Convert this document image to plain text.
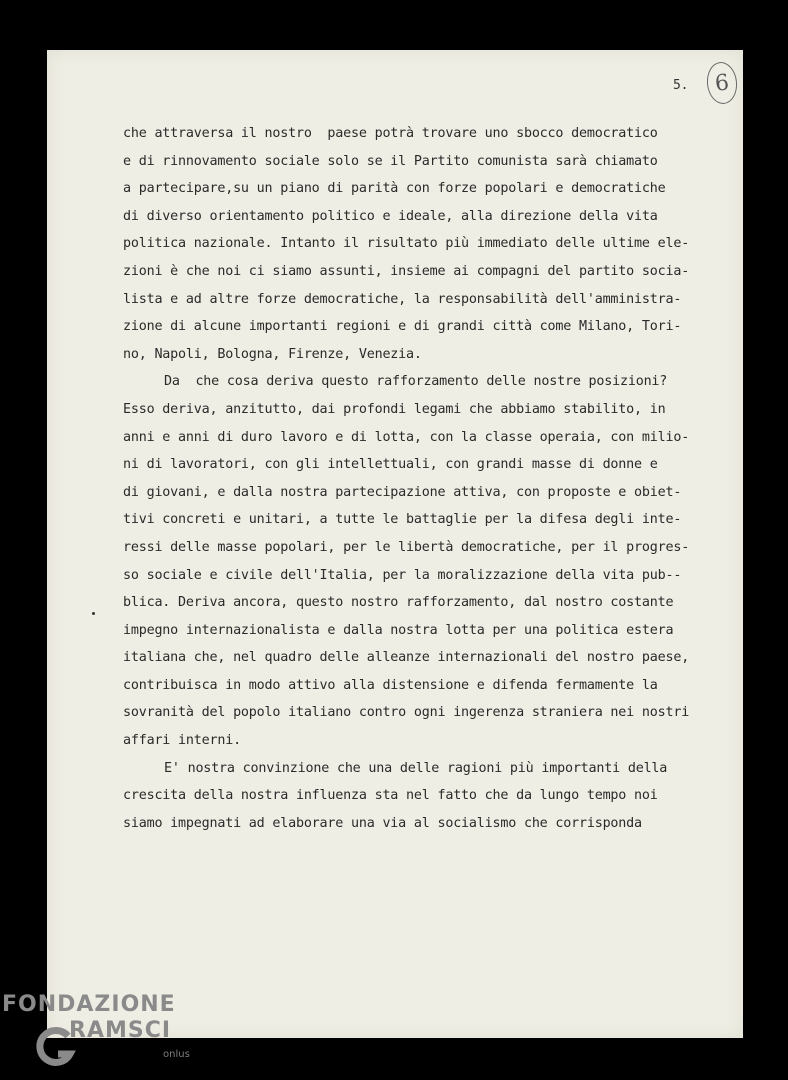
5.	6
che attraversa il nostro  paese potrà trovare uno sbocco democratico
e di rinnovamento sociale solo se il Partito comunista sarà chiamato
a partecipare,su un piano di parità con forze popolari e democratiche
di diverso orientamento politico e ideale, alla direzione della vita
politica nazionale. Intanto il risultato più immediato delle ultime ele-
zioni è che noi ci siamo assunti, insieme ai compagni del partito socia-
lista e ad altre forze democratiche, la responsabilità dell'amministra-
zione di alcune importanti regioni e di grandi città come Milano, Tori-
no, Napoli, Bologna, Firenze, Venezia.
Da  che cosa deriva questo rafforzamento delle nostre posizioni?
Esso deriva, anzitutto, dai profondi legami che abbiamo stabilito, in
anni e anni di duro lavoro e di lotta, con la classe operaia, con milio-
ni di lavoratori, con gli intellettuali, con grandi masse di donne e
di giovani, e dalla nostra partecipazione attiva, con proposte e obiet-
tivi concreti e unitari, a tutte le battaglie per la difesa degli inte-
ressi delle masse popolari, per le libertà democratiche, per il progres-
so sociale e civile dell'Italia, per la moralizzazione della vita pub--
blica. Deriva ancora, questo nostro rafforzamento, dal nostro costante
impegno internazionalista e dalla nostra lotta per una politica estera
italiana che, nel quadro delle alleanze internazionali del nostro paese,
contribuisca in modo attivo alla distensione e difenda fermamente la
sovranità del popolo italiano contro ogni ingerenza straniera nei nostri
affari interni.
E' nostra convinzione che una delle ragioni più importanti della
crescita della nostra influenza sta nel fatto che da lungo tempo noi
siamo impegnati ad elaborare una via al socialismo che corrisponda
FONDAZIONE
RAMSCI
onlus
